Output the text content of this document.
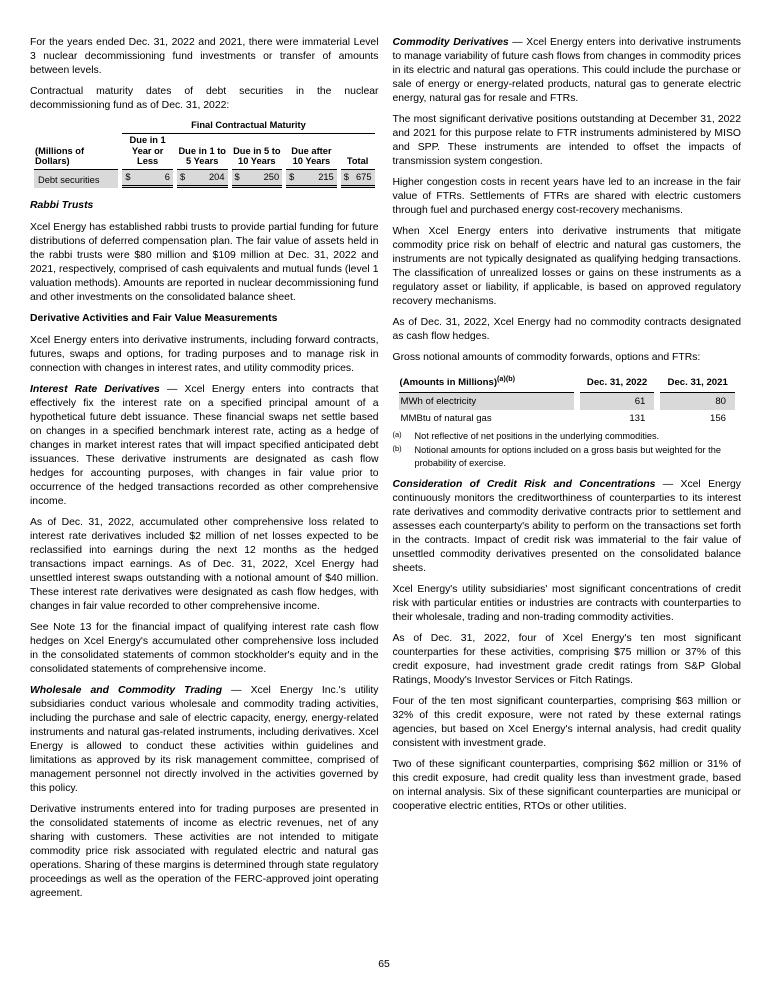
For the years ended Dec. 31, 2022 and 2021, there were immaterial Level 3 nuclear decommissioning fund investments or transfer of amounts between levels.

Contractual maturity dates of debt securities in the nuclear decommissioning fund as of Dec. 31, 2022:

	Final Contractual Maturity				
(Millions of Dollars)	Due in 1 Year or Less	Due in 1 to 5 Years	Due in 5 to 10 Years	Due after 10 Years	Total
Debt securities	$ 6	$ 204	$ 250	$ 215	$ 675
Rabbi Trusts

Xcel Energy has established rabbi trusts to provide partial funding for future distributions of deferred compensation plan. The fair value of assets held in the rabbi trusts were $80 million and $109 million at Dec. 31, 2022 and 2021, respectively, comprised of cash equivalents and mutual funds (level 1 valuation methods). Amounts are reported in nuclear decommissioning fund and other investments on the consolidated balance sheet.

Derivative Activities and Fair Value Measurements

Xcel Energy enters into derivative instruments, including forward contracts, futures, swaps and options, for trading purposes and to manage risk in connection with changes in interest rates, and utility commodity prices.

Interest Rate Derivatives — Xcel Energy enters into contracts that effectively fix the interest rate on a specified principal amount of a hypothetical future debt issuance. These financial swaps net settle based on changes in a specified benchmark interest rate, acting as a hedge of changes in market interest rates that will impact specified anticipated debt issuances. These derivative instruments are designated as cash flow hedges for accounting purposes, with changes in fair value prior to occurrence of the hedged transactions recorded as other comprehensive income.

As of Dec. 31, 2022, accumulated other comprehensive loss related to interest rate derivatives included $2 million of net losses expected to be reclassified into earnings during the next 12 months as the hedged transactions impact earnings. As of Dec. 31, 2022, Xcel Energy had unsettled interest swaps outstanding with a notional amount of $40 million. These interest rate derivatives were designated as cash flow hedges, with changes in fair value recorded to other comprehensive income.

See Note 13 for the financial impact of qualifying interest rate cash flow hedges on Xcel Energy's accumulated other comprehensive loss included in the consolidated statements of common stockholder's equity and in the consolidated statements of comprehensive income.

Wholesale and Commodity Trading — Xcel Energy Inc.'s utility subsidiaries conduct various wholesale and commodity trading activities, including the purchase and sale of electric capacity, energy, energy-related instruments and natural gas-related instruments, including derivatives. Xcel Energy is allowed to conduct these activities within guidelines and limitations as approved by its risk management committee, comprised of management personnel not directly involved in the activities governed by this policy.

Derivative instruments entered into for trading purposes are presented in the consolidated statements of income as electric revenues, net of any sharing with customers. These activities are not intended to mitigate commodity price risk associated with regulated electric and natural gas operations. Sharing of these margins is determined through state regulatory proceedings as well as the operation of the FERC-approved joint operating agreement.

Commodity Derivatives — Xcel Energy enters into derivative instruments to manage variability of future cash flows from changes in commodity prices in its electric and natural gas operations. This could include the purchase or sale of energy or energy-related products, natural gas to generate electric energy, natural gas for resale and FTRs.

The most significant derivative positions outstanding at December 31, 2022 and 2021 for this purpose relate to FTR instruments administered by MISO and SPP. These instruments are intended to offset the impacts of transmission system congestion.

Higher congestion costs in recent years have led to an increase in the fair value of FTRs. Settlements of FTRs are shared with electric customers through fuel and purchased energy cost-recovery mechanisms.

When Xcel Energy enters into derivative instruments that mitigate commodity price risk on behalf of electric and natural gas customers, the instruments are not typically designated as qualifying hedging transactions. The classification of unrealized losses or gains on these instruments as a regulatory asset or liability, if applicable, is based on approved regulatory recovery mechanisms.

As of Dec. 31, 2022, Xcel Energy had no commodity contracts designated as cash flow hedges.

Gross notional amounts of commodity forwards, options and FTRs:

(Amounts in Millions)$^{(a)(b)}$	Dec. 31, 2022	Dec. 31, 2021
MWh of electricity	61	80
MMBtu of natural gas	131	156
$^{(a)}$	Not reflective of net positions in the underlying commodities.
$^{(b)}$	Notional amounts for options included on a gross basis but weighted for the probability of exercise.

Consideration of Credit Risk and Concentrations — Xcel Energy continuously monitors the creditworthiness of counterparties to its interest rate derivatives and commodity derivative contracts prior to settlement and assesses each counterparty's ability to perform on the transactions set forth in the contracts. Impact of credit risk was immaterial to the fair value of unsettled commodity derivatives presented on the consolidated balance sheets.

Xcel Energy's utility subsidiaries' most significant concentrations of credit risk with particular entities or industries are contracts with counterparties to their wholesale, trading and non-trading commodity activities.

As of Dec. 31, 2022, four of Xcel Energy's ten most significant counterparties for these activities, comprising $75 million or 37% of this credit exposure, had investment grade credit ratings from S&P Global Ratings, Moody's Investor Services or Fitch Ratings.

Four of the ten most significant counterparties, comprising $63 million or 32% of this credit exposure, were not rated by these external ratings agencies, but based on Xcel Energy's internal analysis, had credit quality consistent with investment grade.

Two of these significant counterparties, comprising $62 million or 31% of this credit exposure, had credit quality less than investment grade, based on internal analysis. Six of these significant counterparties are municipal or cooperative electric entities, RTOs or other utilities.

65
